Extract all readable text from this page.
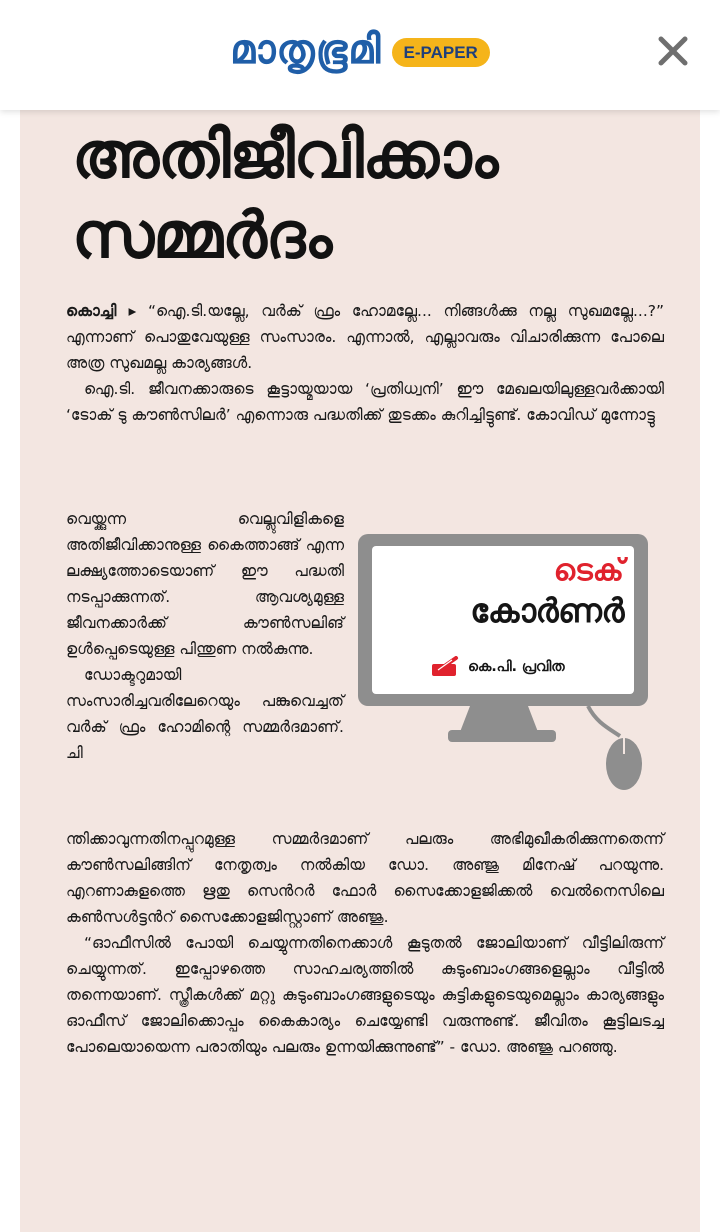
മാതൃഭൂമി	E-PAPER
അതിജീവിക്കാം
സമ്മർദം

കൊച്ചി ▸ “ഐ.ടി.യല്ലേ, വർക് ഫ്രം ഹോമല്ലേ... നിങ്ങൾക്കു നല്ല സുഖമല്ലേ...?” എന്നാണ് പൊതുവേയുള്ള സംസാരം. എന്നാൽ, എല്ലാവരും വിചാരിക്കുന്ന പോലെ അത്ര സുഖമല്ല കാര്യങ്ങൾ.

ഐ.ടി. ജീവനക്കാരുടെ കൂട്ടായ്മയായ ‘പ്രതിധ്വനി’ ഈ മേഖലയിലുള്ളവർക്കായി ‘ടോക് ടു കൗൺസിലർ’ എന്നൊരു പദ്ധതിക്ക് തുടക്കം കുറിച്ചിട്ടുണ്ട്. കോവിഡ് മുന്നോട്ടു

വെയ്ക്കുന്ന വെല്ലുവിളികളെ അതിജീവിക്കാനുള്ള കൈത്താങ്ങ് എന്ന ലക്ഷ്യത്തോടെയാണ് ഈ പദ്ധതി നടപ്പാക്കുന്നത്. ആവശ്യമുള്ള ജീവനക്കാർക്ക് കൗൺസലിങ് ഉൾപ്പെടെയുള്ള പിന്തുണ നൽകുന്നു.

ഡോക്ടറുമായി സംസാരിച്ചവരിലേറെയും പങ്കുവെച്ചത് വർക് ഫ്രം ഹോമിന്റെ സമ്മർദമാണ്. ചി

ടെക്
കോർണർ
കെ.പി. പ്രവിത

ന്തിക്കാവുന്നതിനപ്പുറമുള്ള സമ്മർദമാണ് പലരും അഭിമുഖീകരിക്കുന്നതെന്ന് കൗൺസലിങ്ങിന് നേതൃത്വം നൽകിയ ഡോ. അഞ്ജു മിനേഷ് പറയുന്നു. എറണാകുളത്തെ ഋതു സെൻറർ ഫോർ സൈക്കോളജിക്കൽ വെൽനെസിലെ കൺസൾട്ടൻറ് സൈക്കോളജിസ്റ്റാണ് അഞ്ജു.

“ഓഫീസിൽ പോയി ചെയ്യുന്നതിനെക്കാൾ കൂടുതൽ ജോലിയാണ് വീട്ടിലിരുന്ന് ചെയ്യുന്നത്. ഇപ്പോഴത്തെ സാഹചര്യത്തിൽ കുടുംബാംഗങ്ങളെല്ലാം വീട്ടിൽ തന്നെയാണ്. സ്ത്രീകൾക്ക് മറ്റു കുടുംബാംഗങ്ങളുടെയും കുട്ടികളുടെയുമെല്ലാം കാര്യങ്ങളും ഓഫീസ് ജോലിക്കൊപ്പം കൈകാര്യം ചെയ്യേണ്ടി വരുന്നുണ്ട്. ജീവിതം കൂട്ടിലടച്ച പോലെയായെന്ന പരാതിയും പലരും ഉന്നയിക്കുന്നുണ്ട്” - ഡോ. അഞ്ജു പറഞ്ഞു.
